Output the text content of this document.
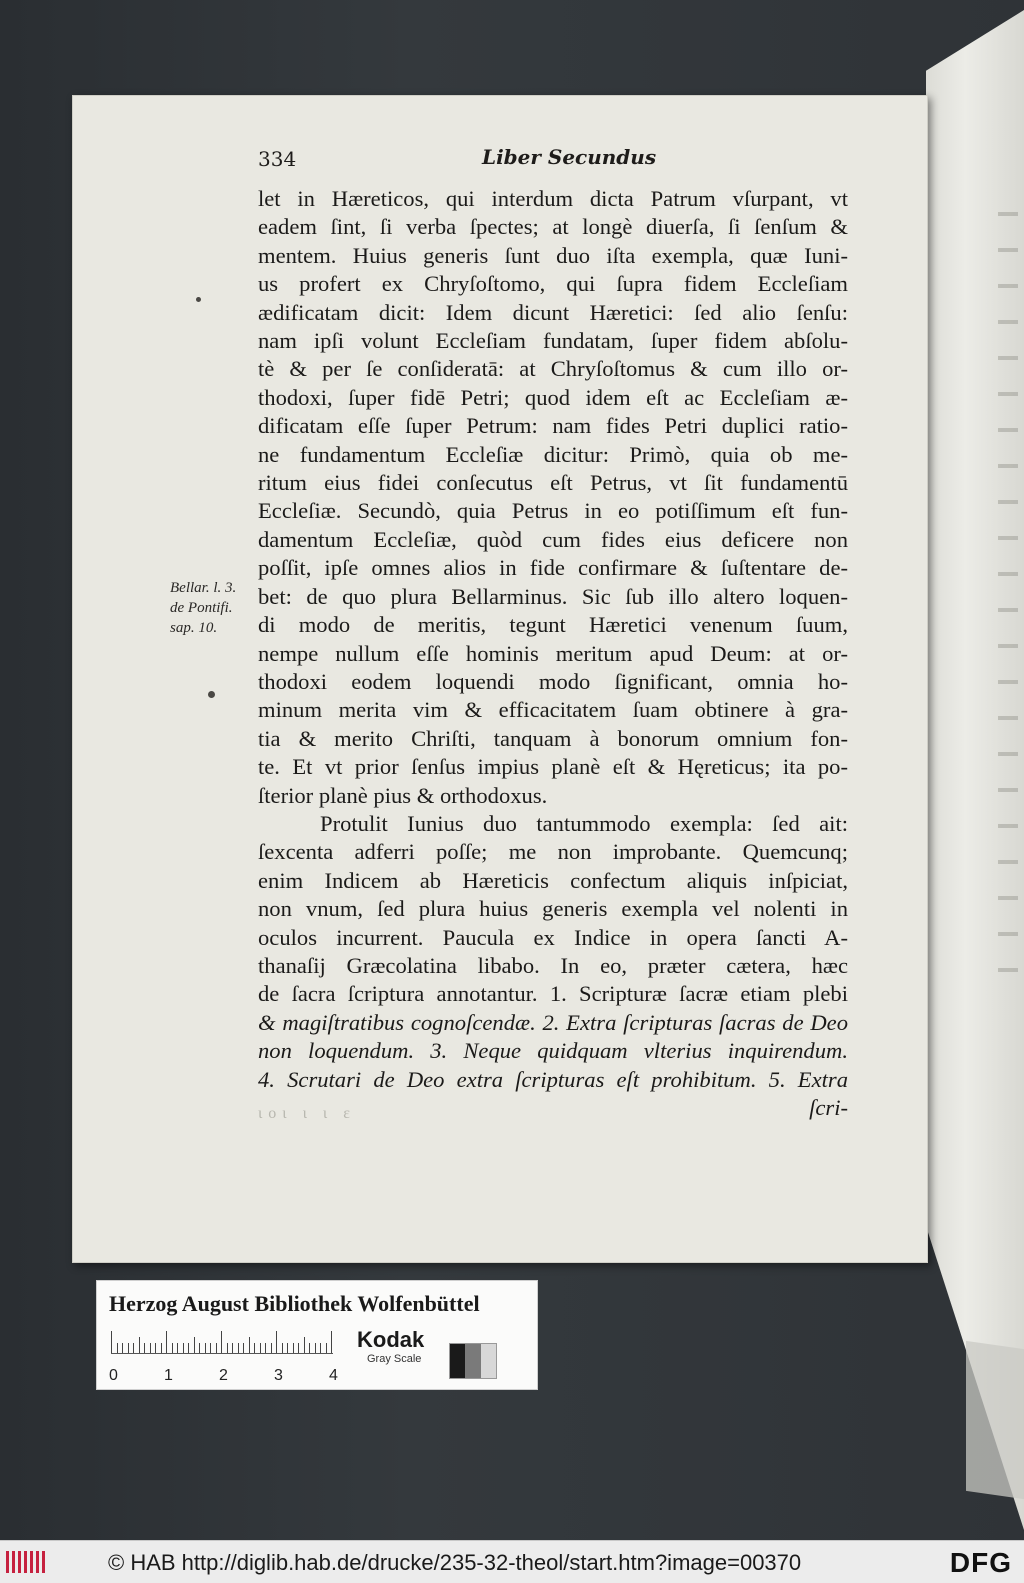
334	Liber Secundus
Bellar. l. 3.
de Pontifi.
sap. 10.
let in Hæreticos, qui interdum dicta Patrum vſurpant, vt
eadem ſint, ſi verba ſpectes; at longè diuerſa, ſi ſenſum &
mentem. Huius generis ſunt duo iſta exempla, quæ Iuni-
us profert ex Chryſoſtomo, qui ſupra fidem Eccleſiam
ædificatam dicit: Idem dicunt Hæretici: ſed alio ſenſu:
nam ipſi volunt Eccleſiam fundatam, ſuper fidem abſolu-
tè & per ſe conſideratā: at Chryſoſtomus & cum illo or-
thodoxi, ſuper fidē Petri; quod idem eſt ac Eccleſiam æ-
dificatam eſſe ſuper Petrum: nam fides Petri duplici ratio-
ne fundamentum Eccleſiæ dicitur: Primò, quia ob me-
ritum eius fidei conſecutus eſt Petrus, vt ſit fundamentū
Eccleſiæ. Secundò, quia Petrus in eo potiſſimum eſt fun-
damentum Eccleſiæ, quòd cum fides eius deficere non
poſſit, ipſe omnes alios in fide confirmare & ſuſtentare de-
bet: de quo plura Bellarminus. Sic ſub illo altero loquen-
di modo de meritis, tegunt Hæretici venenum ſuum,
nempe nullum eſſe hominis meritum apud Deum: at or-
thodoxi eodem loquendi modo ſignificant, omnia ho-
minum merita vim & efficacitatem ſuam obtinere à gra-
tia & merito Chriſti, tanquam à bonorum omnium fon-
te. Et vt prior ſenſus impius planè eſt & Hęreticus; ita po-
ſterior planè pius & orthodoxus.
Protulit Iunius duo tantummodo exempla: ſed ait:
ſexcenta adferri poſſe; me non improbante. Quemcunq;
enim Indicem ab Hæreticis confectum aliquis inſpiciat,
non vnum, ſed plura huius generis exempla vel nolenti in
oculos incurrent. Paucula ex Indice in opera ſancti A-
thanaſij Græcolatina libabo. In eo, præter cætera, hæc
de ſacra ſcriptura annotantur. 1. Scripturæ ſacræ etiam plebi
& magiſtratibus cognoſcendæ. 2. Extra ſcripturas ſacras de Deo
non loquendum. 3. Neque quidquam vlterius inquirendum.
4. Scrutari de Deo extra ſcripturas eſt prohibitum. 5. Extra
ſcri-
ιοι ι ι ε
Herzog August Bibliothek Wolfenbüttel
0	1	2	3	4
Kodak
Gray Scale
© HAB http://diglib.hab.de/drucke/235-32-theol/start.htm?image=00370	DFG
